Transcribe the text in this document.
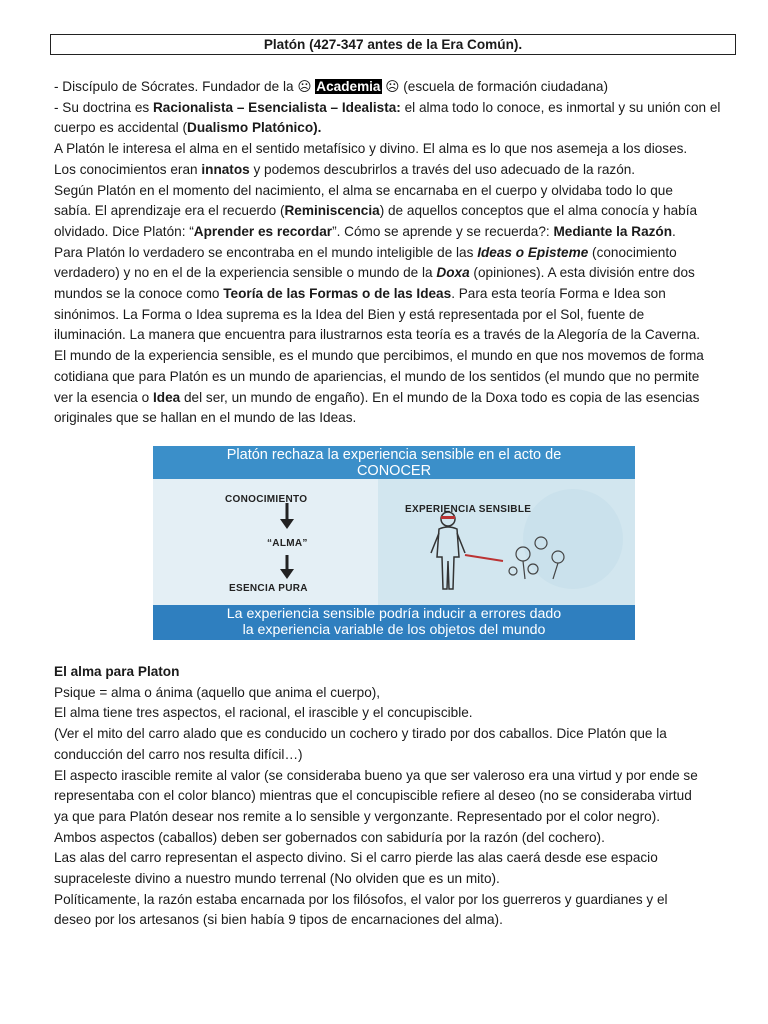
Platón (427-347 antes de la Era Común).
- Discípulo de Sócrates. Fundador de la ☹ Academia ☹ (escuela de formación ciudadana)
- Su doctrina es Racionalista – Esencialista – Idealista: el alma todo lo conoce, es inmortal y su unión con el
cuerpo es accidental (Dualismo Platónico).
A Platón le interesa el alma en el sentido metafísico y divino. El alma es lo que nos asemeja a los dioses.
Los conocimientos eran innatos y podemos descubrirlos a través del uso adecuado de la razón.
Según Platón en el momento del nacimiento, el alma se encarnaba en el cuerpo y olvidaba todo lo que
sabía. El aprendizaje era el recuerdo (Reminiscencia) de aquellos conceptos que el alma conocía y había
olvidado. Dice Platón: “Aprender es recordar”. Cómo se aprende y se recuerda?: Mediante la Razón.
Para Platón lo verdadero se encontraba en el mundo inteligible de las Ideas o Episteme (conocimiento
verdadero) y no en el de la experiencia sensible o mundo de la Doxa (opiniones). A esta división entre dos
mundos se la conoce como Teoría de las Formas o de las Ideas. Para esta teoría Forma e Idea son
sinónimos. La Forma o Idea suprema es la Idea del Bien y está representada por el Sol, fuente de
iluminación. La manera que encuentra para ilustrarnos esta teoría es a través de la Alegoría de la Caverna.
El mundo de la experiencia sensible, es el mundo que percibimos, el mundo en que nos movemos de forma
cotidiana que para Platón es un mundo de apariencias, el mundo de los sentidos (el mundo que no permite
ver la esencia o Idea del ser, un mundo de engaño). En el mundo de la Doxa todo es copia de las esencias
originales que se hallan en el mundo de las Ideas.
Platón rechaza la experiencia sensible en el acto de
CONOCER
CONOCIMIENTO
“ALMA”
ESENCIA PURA
EXPERIENCIA SENSIBLE
La experiencia sensible podría inducir a errores dado
la experiencia variable de los objetos del mundo
El alma para Platon
Psique = alma o ánima (aquello que anima el cuerpo),
El alma tiene tres aspectos, el racional, el irascible y el concupiscible.
(Ver el mito del carro alado que es conducido un cochero y tirado por dos caballos. Dice Platón que la
conducción del carro nos resulta difícil…)
El aspecto irascible remite al valor (se consideraba bueno ya que ser valeroso era una virtud y por ende se
representaba con el color blanco) mientras que el concupiscible refiere al deseo (no se consideraba virtud
ya que para Platón desear nos remite a lo sensible y vergonzante. Representado por el color negro).
Ambos aspectos (caballos) deben ser gobernados con sabiduría por la razón (del cochero).
Las alas del carro representan el aspecto divino. Si el carro pierde las alas caerá desde ese espacio
supraceleste divino a nuestro mundo terrenal (No olviden que es un mito).
Políticamente, la razón estaba encarnada por los filósofos, el valor por los guerreros y guardianes y el
deseo por los artesanos (si bien había 9 tipos de encarnaciones del alma).
